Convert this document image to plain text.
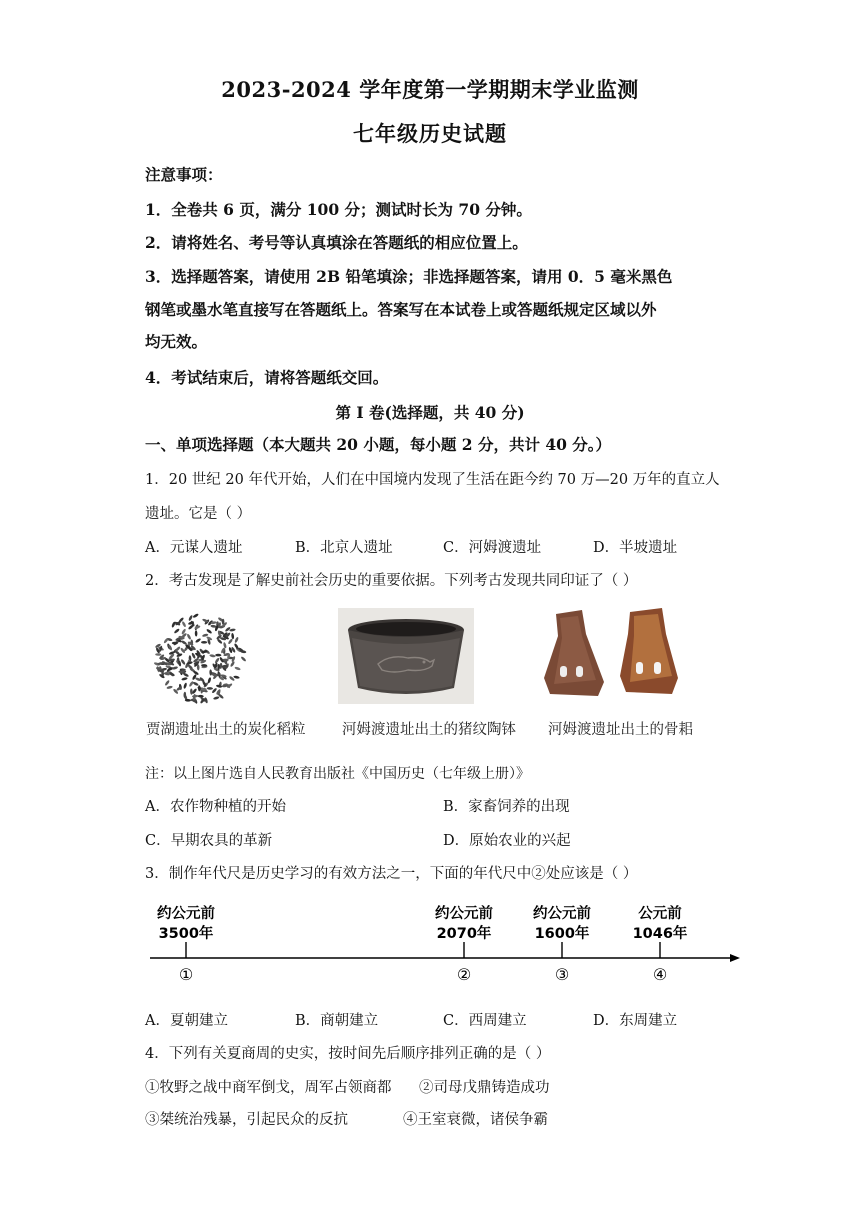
2023-2024 学年度第一学期期末学业监测
七年级历史试题
注意事项：
1．全卷共 6 页，满分 100 分；测试时长为 70 分钟。
2．请将姓名、考号等认真填涂在答题纸的相应位置上。
3．选择题答案，请使用 2B 铅笔填涂；非选择题答案，请用 0．5 毫米黑色
钢笔或墨水笔直接写在答题纸上。答案写在本试卷上或答题纸规定区域以外
均无效。
4．考试结束后，请将答题纸交回。
第 I 卷(选择题，共 40 分)
一、单项选择题（本大题共 20 小题，每小题 2 分，共计 40 分。）
1．20 世纪 20 年代开始，人们在中国境内发现了生活在距今约 70 万—20 万年的直立人
遗址。它是（ ）
A．元谋人遗址	B．北京人遗址	C．河姆渡遗址	D．半坡遗址
2．考古发现是了解史前社会历史的重要依据。下列考古发现共同印证了（ ）
贾湖遗址出土的炭化稻粒	河姆渡遗址出土的猪纹陶钵 河姆渡遗址出土的骨耜
注：以上图片选自人民教育出版社《中国历史（七年级上册）》
A．农作物种植的开始	B．家畜饲养的出现
C．早期农具的革新	D．原始农业的兴起
3．制作年代尺是历史学习的有效方法之一，下面的年代尺中②处应该是（ ）
约公元前
3500年
①
约公元前
2070年
②
约公元前
1600年
③
公元前
1046年
④
A．夏朝建立	B．商朝建立	C．西周建立	D．东周建立
4．下列有关夏商周的史实，按时间先后顺序排列正确的是（ ）
①牧野之战中商军倒戈，周军占领商都 ②司母戊鼎铸造成功
③桀统治残暴，引起民众的反抗	④王室衰微，诸侯争霸
